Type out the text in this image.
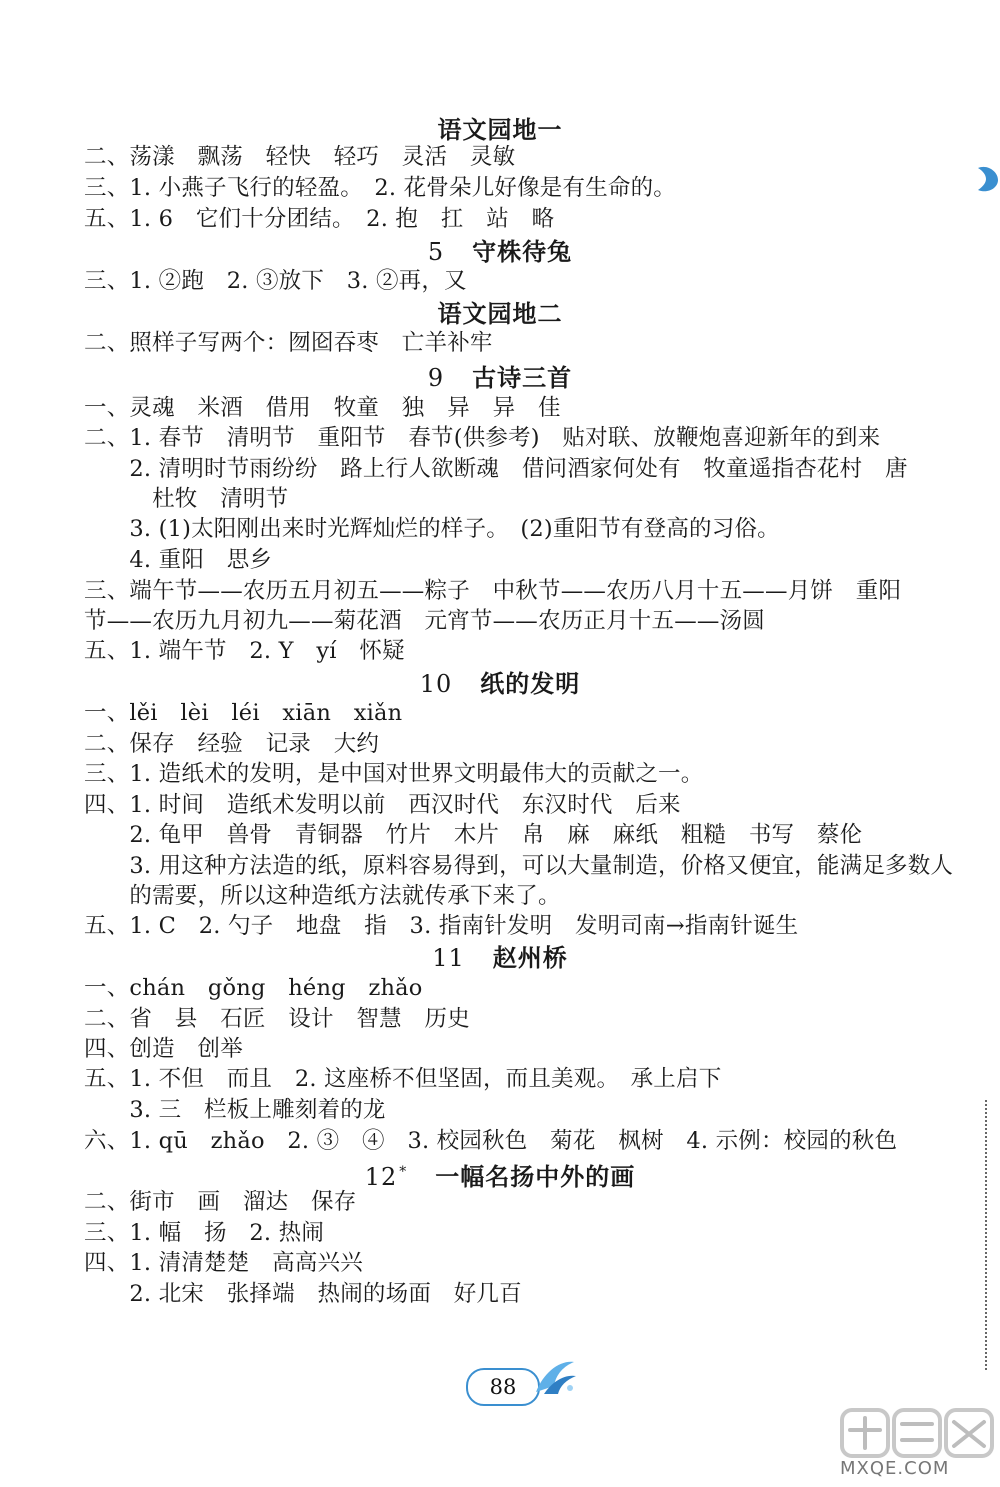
语文园地一
二、荡漾　飘荡　轻快　轻巧　灵活　灵敏
三、1. 小燕子飞行的轻盈。　2. 花骨朵儿好像是有生命的。
五、1. 6　它们十分团结。　2. 抱　扛　站　略
5 守株待兔
三、1. ②跑　2. ③放下　3. ②再，又
语文园地二
二、照样子写两个：囫囵吞枣　亡羊补牢
9 古诗三首
一、灵魂　米酒　借用　牧童　独　异　异　佳
二、1. 春节　清明节　重阳节　春节(供参考)　贴对联、放鞭炮喜迎新年的到来
　　2. 清明时节雨纷纷　路上行人欲断魂　借问酒家何处有　牧童遥指杏花村　唐
　　　杜牧　清明节
　　3. (1)太阳刚出来时光辉灿烂的样子。　(2)重阳节有登高的习俗。
　　4. 重阳　思乡
三、端午节——农历五月初五——粽子　中秋节——农历八月十五——月饼　重阳
节——农历九月初九——菊花酒　元宵节——农历正月十五——汤圆
五、1. 端午节　2. Y　yí　怀疑
10 纸的发明
一、lěi　lèi　léi　xiān　xiǎn
二、保存　经验　记录　大约
三、1. 造纸术的发明，是中国对世界文明最伟大的贡献之一。
四、1. 时间　造纸术发明以前　西汉时代　东汉时代　后来
　　2. 龟甲　兽骨　青铜器　竹片　木片　帛　麻　麻纸　粗糙　书写　蔡伦
　　3. 用这种方法造的纸，原料容易得到，可以大量制造，价格又便宜，能满足多数人
　　的需要，所以这种造纸方法就传承下来了。
五、1. C　2. 勺子　地盘　指　3. 指南针发明　发明司南→指南针诞生
11 赵州桥
一、chán　gǒng　héng　zhǎo
二、省　县　石匠　设计　智慧　历史
四、创造　创举
五、1. 不但　而且　2. 这座桥不但坚固，而且美观。　承上启下
　　3. 三　栏板上雕刻着的龙
六、1. qū　zhǎo　2. ③　④　3. 校园秋色　菊花　枫树　4. 示例：校园的秋色
12 * 一幅名扬中外的画
二、街市　画　溜达　保存
三、1. 幅　扬　2. 热闹
四、1. 清清楚楚　高高兴兴
　　2. 北宋　张择端　热闹的场面　好几百
88
MXQE.COM
